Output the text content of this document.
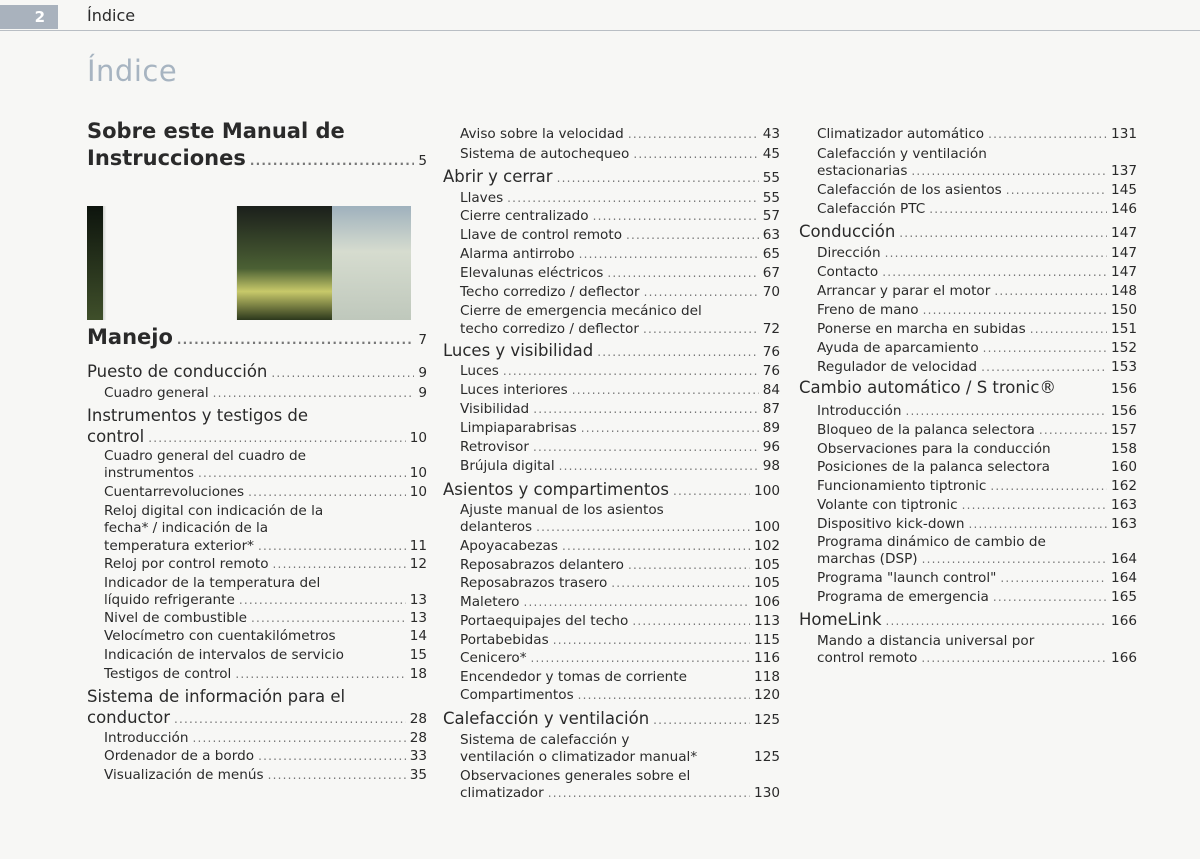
2	Índice
Índice
Sobre este Manual de
Instrucciones .....	5
Manejo .....	7
Puesto de conducción .....	9
Cuadro general .....	9
Instrumentos y testigos de
control .....	10
Cuadro general del cuadro de
instrumentos .....	10
Cuentarrevoluciones .....	10
Reloj digital con indicación de la
fecha* / indicación de la
temperatura exterior* .....	11
Reloj por control remoto .....	12
Indicador de la temperatura del
líquido refrigerante .....	13
Nivel de combustible .....	13
Velocímetro con cuentakilómetros	14
Indicación de intervalos de servicio	15
Testigos de control .....	18
Sistema de información para el
conductor .....	28
Introducción .....	28
Ordenador de a bordo .....	33
Visualización de menús .....	35
Aviso sobre la velocidad .....	43
Sistema de autochequeo .....	45
Abrir y cerrar .....	55
Llaves .....	55
Cierre centralizado .....	57
Llave de control remoto .....	63
Alarma antirrobo .....	65
Elevalunas eléctricos .....	67
Techo corredizo / deflector .....	70
Cierre de emergencia mecánico del
techo corredizo / deflector .....	72
Luces y visibilidad .....	76
Luces .....	76
Luces interiores .....	84
Visibilidad .....	87
Limpiaparabrisas .....	89
Retrovisor .....	96
Brújula digital .....	98
Asientos y compartimentos .....	100
Ajuste manual de los asientos
delanteros .....	100
Apoyacabezas .....	102
Reposabrazos delantero .....	105
Reposabrazos trasero .....	105
Maletero .....	106
Portaequipajes del techo .....	113
Portabebidas .....	115
Cenicero* .....	116
Encendedor y tomas de corriente	118
Compartimentos .....	120
Calefacción y ventilación .....	125
Sistema de calefacción y
ventilación o climatizador manual*	125
Observaciones generales sobre el
climatizador .....	130
Climatizador automático .....	131
Calefacción y ventilación
estacionarias .....	137
Calefacción de los asientos .....	145
Calefacción PTC .....	146
Conducción .....	147
Dirección .....	147
Contacto .....	147
Arrancar y parar el motor .....	148
Freno de mano .....	150
Ponerse en marcha en subidas .....	151
Ayuda de aparcamiento .....	152
Regulador de velocidad .....	153
Cambio automático / S tronic®	156
Introducción .....	156
Bloqueo de la palanca selectora .....	157
Observaciones para la conducción	158
Posiciones de la palanca selectora	160
Funcionamiento tiptronic .....	162
Volante con tiptronic .....	163
Dispositivo kick-down .....	163
Programa dinámico de cambio de
marchas (DSP) .....	164
Programa "launch control" .....	164
Programa de emergencia .....	165
HomeLink .....	166
Mando a distancia universal por
control remoto .....	166
